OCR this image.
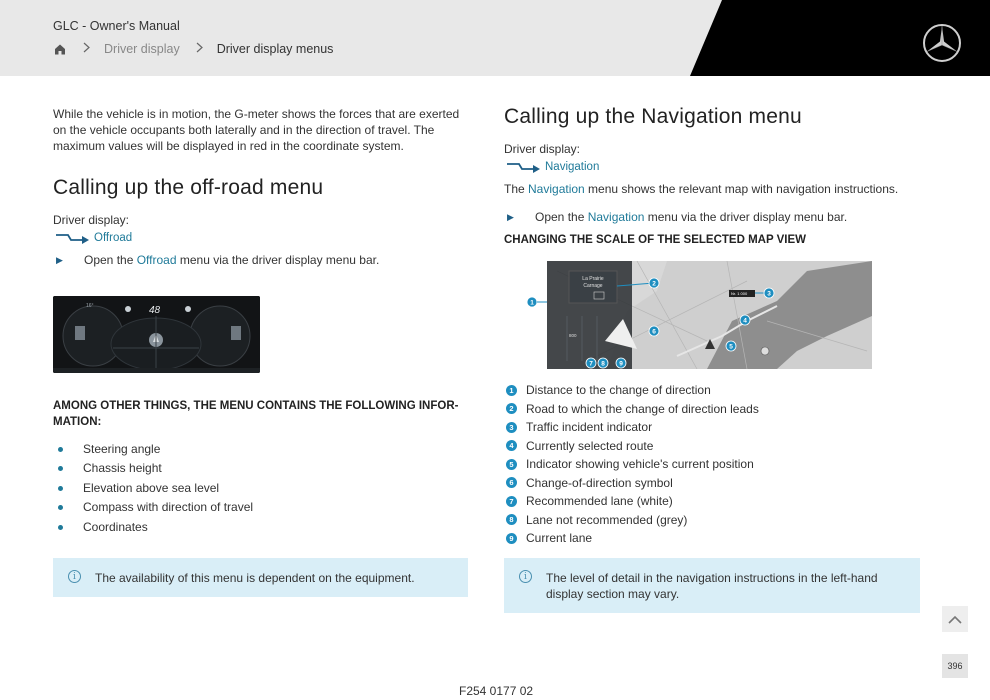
GLC - Owner's Manual
Driver display	Driver display menus
While the vehicle is in motion, the G-meter shows the forces that are exerted on the vehicle occupants both laterally and in the direction of travel. The maximum values will be displayed in red in the coordinate system.
Calling up the off-road menu
Driver display:
Offroad
▶ Open the Offroad menu via the driver display menu bar.
48
16°
AMONG OTHER THINGS, THE MENU CONTAINS THE FOLLOWING INFOR-
MATION:
Steering angle
Chassis height
Elevation above sea level
Compass with direction of travel
Coordinates
i	The availability of this menu is dependent on the equipment.
Calling up the Navigation menu
Driver display:
Navigation
The Navigation menu shows the relevant map with navigation instructions.
▶ Open the Navigation menu via the driver display menu bar.
CHANGING THE SCALE OF THE SELECTED MAP VIEW
1
La Prairie
Carnage
800
Nr. 1 000
2
3
4
5
6
7 8 9
1 Distance to the change of direction
2 Road to which the change of direction leads
3 Traffic incident indicator
4 Currently selected route
5 Indicator showing vehicle's current position
6 Change-of-direction symbol
7 Recommended lane (white)
8 Lane not recommended (grey)
9 Current lane
i	The level of detail in the navigation instructions in the left-hand display section may vary.
396
F254 0177 02
